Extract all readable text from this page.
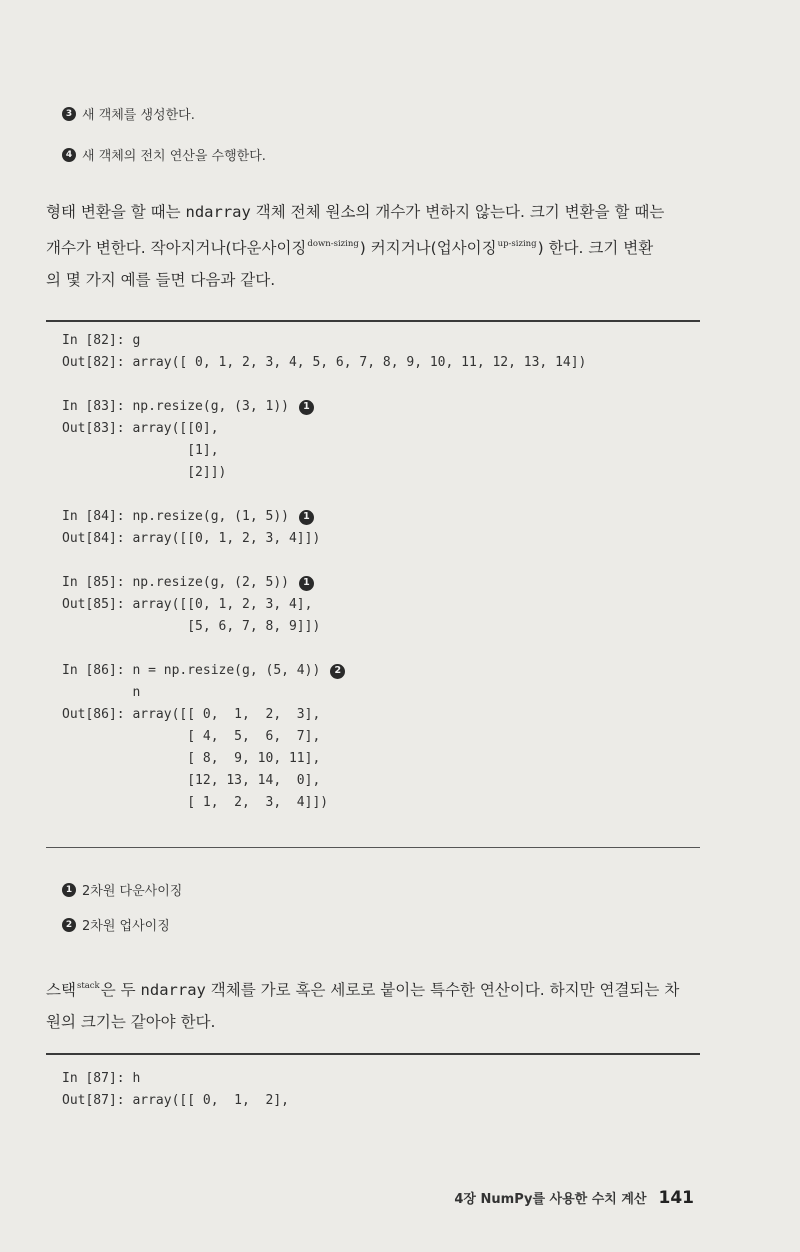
3 새 객체를 생성한다.
4 새 객체의 전치 연산을 수행한다.
형태 변환을 할 때는 ndarray 객체 전체 원소의 개수가 변하지 않는다. 크기 변환을 할 때는
개수가 변한다. 작아지거나(다운사이징$^{down-sizing}$) 커지거나(업사이징$^{up-sizing}$) 한다. 크기 변환
의 몇 가지 예를 들면 다음과 같다.
In [82]: g
Out[82]: array([ 0, 1, 2, 3, 4, 5, 6, 7, 8, 9, 10, 11, 12, 13, 14])
In [83]: np.resize(g, (3, 1))	1
Out[83]: array([[0],
[1],
[2]])
In [84]: np.resize(g, (1, 5))	1
Out[84]: array([[0, 1, 2, 3, 4]])
In [85]: np.resize(g, (2, 5))	1
Out[85]: array([[0, 1, 2, 3, 4],
[5, 6, 7, 8, 9]])
In [86]: n = np.resize(g, (5, 4))	2
n
Out[86]: array([[ 0,  1,  2,  3],
[ 4,  5,  6,  7],
[ 8,  9, 10, 11],
[12, 13, 14,  0],
[ 1,  2,  3,  4]])
1 2차원 다운사이징
2 2차원 업사이징
스택$^{stack}$은 두 ndarray 객체를 가로 혹은 세로로 붙이는 특수한 연산이다. 하지만 연결되는 차
원의 크기는 같아야 한다.
In [87]: h
Out[87]: array([[ 0,  1,  2],
4장 NumPy를 사용한 수치 계산 141
